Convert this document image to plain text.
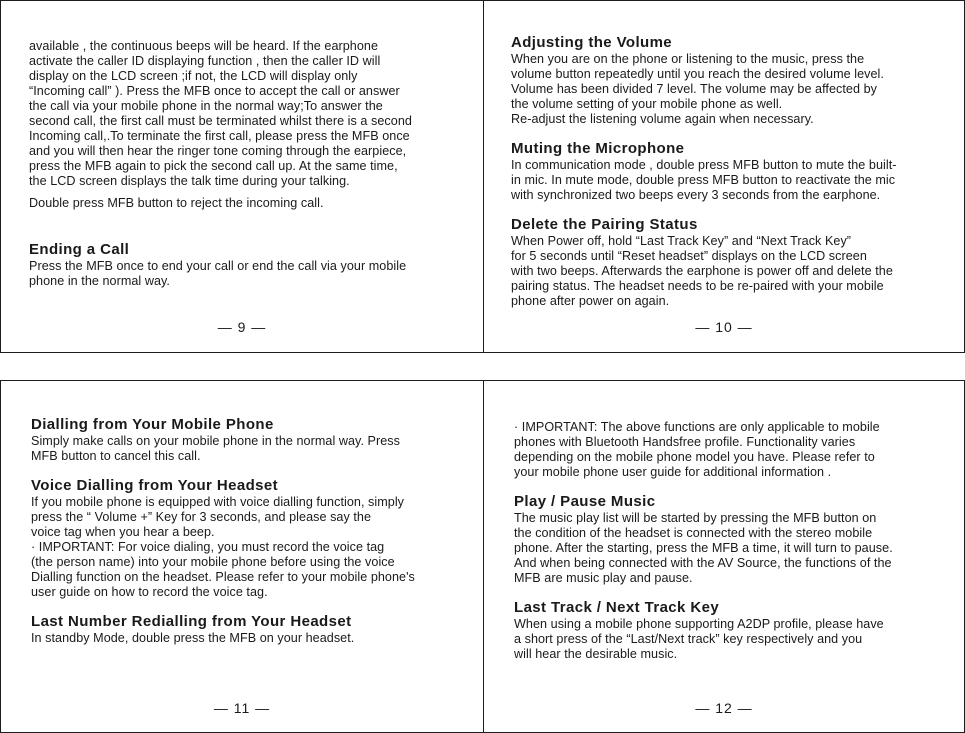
available , the continuous beeps will be heard. If the earphone
activate the caller ID displaying function , then the caller ID will
display on the LCD screen ;if not, the LCD will display only
“Incoming call” ). Press the MFB once to accept the call or answer
the call via your mobile phone in the normal way;To answer the
second call, the first call must be terminated whilst there is a second
Incoming call,.To terminate the first call, please press the MFB once
and you will then hear the ringer tone coming through the earpiece,
press the MFB again to pick the second call up. At the same time,
the LCD screen displays the talk time during your talking.

Double press MFB button to reject the incoming call.

Ending a Call

Press the MFB once to end your call or end the call via your mobile
phone in the normal way.

— 9 —
Adjusting the Volume

When you are on the phone or listening to the music, press the
volume button repeatedly until you reach the desired volume level.
Volume has been divided 7 level. The volume may be affected by
the volume setting of your mobile phone as well.
Re-adjust the listening volume again when necessary.

Muting the Microphone

In communication mode , double press MFB button to mute the built-
in mic. In mute mode, double press MFB button to reactivate the mic
with synchronized two beeps every 3 seconds from the earphone.

Delete the Pairing Status

When Power off, hold “Last Track Key” and “Next Track Key”
for 5 seconds until “Reset headset” displays on the LCD screen
with two beeps. Afterwards the earphone is power off and delete the
pairing status. The headset needs to be re-paired with your mobile
phone after power on again.

— 10 —
Dialling from Your Mobile Phone

Simply make calls on your mobile phone in the normal way. Press
MFB button to cancel this call.

Voice Dialling from Your Headset

If you mobile phone is equipped with voice dialling function, simply
press the “ Volume +” Key for 3 seconds, and please say the
voice tag when you hear a beep.
· IMPORTANT: For voice dialing, you must record the voice tag
(the person name) into your mobile phone before using the voice
Dialling function on the headset. Please refer to your mobile phone's
user guide on how to record the voice tag.

Last Number Redialling from Your Headset

In standby Mode, double press the MFB on your headset.

— 11 —

· IMPORTANT: The above functions are only applicable to mobile
phones with Bluetooth Handsfree profile. Functionality varies
depending on the mobile phone model you have. Please refer to
your mobile phone user guide for additional information .

Play / Pause Music

The music play list will be started by pressing the MFB button on
the condition of the headset is connected with the stereo mobile
phone. After the starting, press the MFB a time, it will turn to pause.
And when being connected with the AV Source, the functions of the
MFB are music play and pause.

Last Track / Next Track Key

When using a mobile phone supporting A2DP profile, please have
a short press of the “Last/Next track” key respectively and you
will hear the desirable music.

— 12 —
